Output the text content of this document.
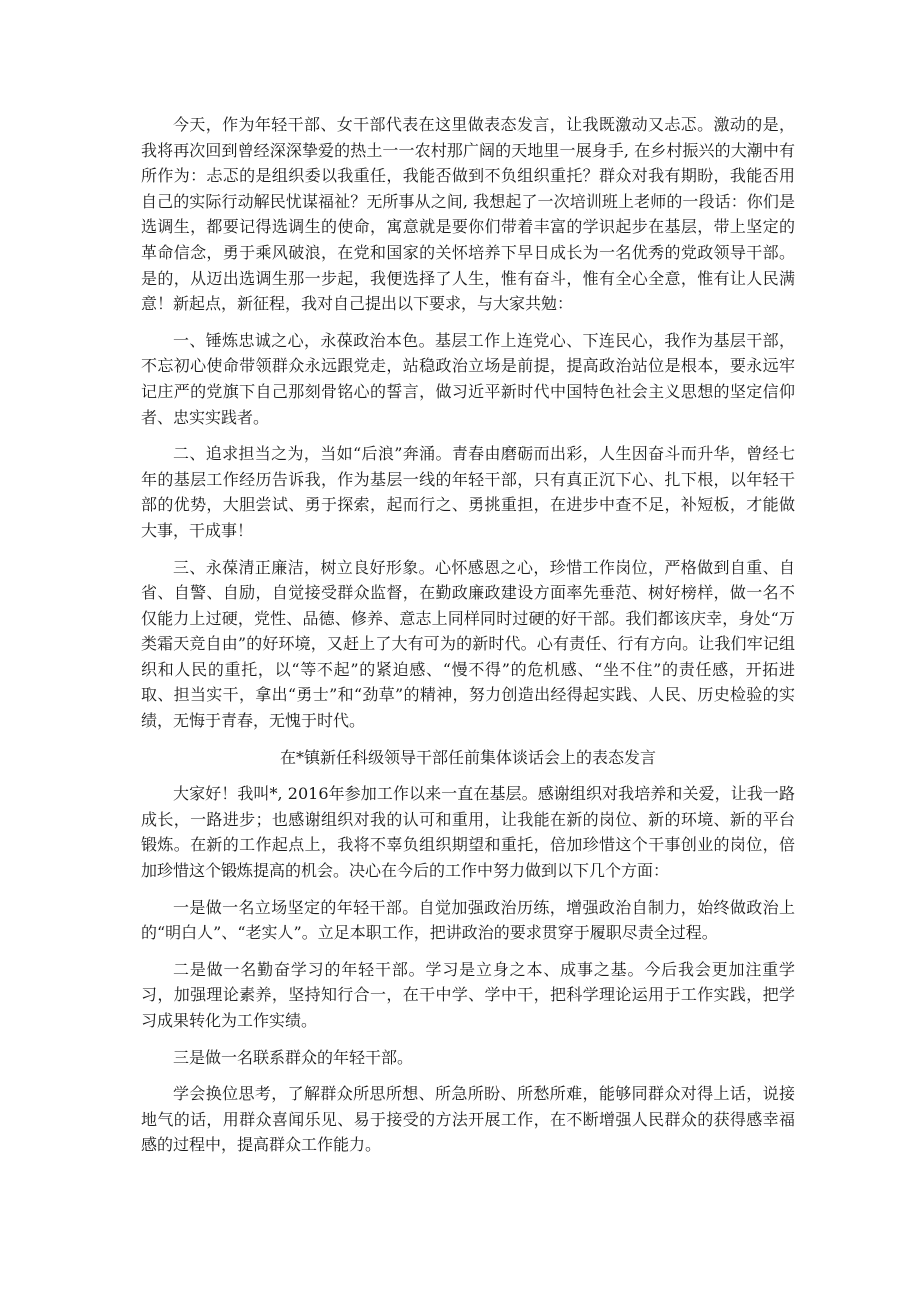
今天，作为年轻干部、女干部代表在这里做表态发言，让我既激动又忐忑。激动的是，我将再次回到曾经深深挚爱的热土一一农村那广阔的天地里一展身手, 在乡村振兴的大潮中有所作为：忐忑的是组织委以我重任，我能否做到不负组织重托？群众对我有期盼，我能否用自己的实际行动解民忧谋福祉？无所事从之间, 我想起了一次培训班上老师的一段话：你们是选调生，都要记得选调生的使命，寓意就是要你们带着丰富的学识起步在基层，带上坚定的革命信念，勇于乘风破浪，在党和国家的关怀培养下早日成长为一名优秀的党政领导干部。是的，从迈出选调生那一步起，我便选择了人生，惟有奋斗，惟有全心全意，惟有让人民满意！新起点，新征程，我对自己提出以下要求，与大家共勉：

一、锤炼忠诚之心，永葆政治本色。基层工作上连党心、下连民心，我作为基层干部，不忘初心使命带领群众永远跟党走，站稳政治立场是前提，提高政治站位是根本，要永远牢记庄严的党旗下自己那刻骨铭心的誓言，做习近平新时代中国特色社会主义思想的坚定信仰者、忠实实践者。

二、追求担当之为，当如“后浪”奔涌。青春由磨砺而出彩，人生因奋斗而升华，曾经七年的基层工作经历告诉我，作为基层一线的年轻干部，只有真正沉下心、扎下根，以年轻干部的优势，大胆尝试、勇于探索，起而行之、勇挑重担，在进步中查不足，补短板，才能做大事，干成事！

三、永葆清正廉洁，树立良好形象。心怀感恩之心，珍惜工作岗位，严格做到自重、自省、自警、自励，自觉接受群众监督，在勤政廉政建设方面率先垂范、树好榜样，做一名不仅能力上过硬，党性、品德、修养、意志上同样同时过硬的好干部。我们都该庆幸，身处“万类霜天竞自由”的好环境，又赶上了大有可为的新时代。心有责任、行有方向。让我们牢记组织和人民的重托，以“等不起”的紧迫感、“慢不得”的危机感、“坐不住”的责任感，开拓进取、担当实干，拿出“勇士”和“劲草”的精神，努力创造出经得起实践、人民、历史检验的实绩，无悔于青春，无愧于时代。

在*镇新任科级领导干部任前集体谈话会上的表态发言

大家好！我叫*, 2016年参加工作以来一直在基层。感谢组织对我培养和关爱，让我一路成长，一路进步；也感谢组织对我的认可和重用，让我能在新的岗位、新的环境、新的平台锻炼。在新的工作起点上，我将不辜负组织期望和重托，倍加珍惜这个干事创业的岗位，倍加珍惜这个锻炼提高的机会。决心在今后的工作中努力做到以下几个方面：

一是做一名立场坚定的年轻干部。自觉加强政治历练，增强政治自制力，始终做政治上的“明白人”、“老实人”。立足本职工作，把讲政治的要求贯穿于履职尽责全过程。

二是做一名勤奋学习的年轻干部。学习是立身之本、成事之基。今后我会更加注重学习，加强理论素养，坚持知行合一，在干中学、学中干，把科学理论运用于工作实践，把学习成果转化为工作实绩。

三是做一名联系群众的年轻干部。

学会换位思考，了解群众所思所想、所急所盼、所愁所难，能够同群众对得上话，说接地气的话，用群众喜闻乐见、易于接受的方法开展工作，在不断增强人民群众的获得感幸福感的过程中，提高群众工作能力。
